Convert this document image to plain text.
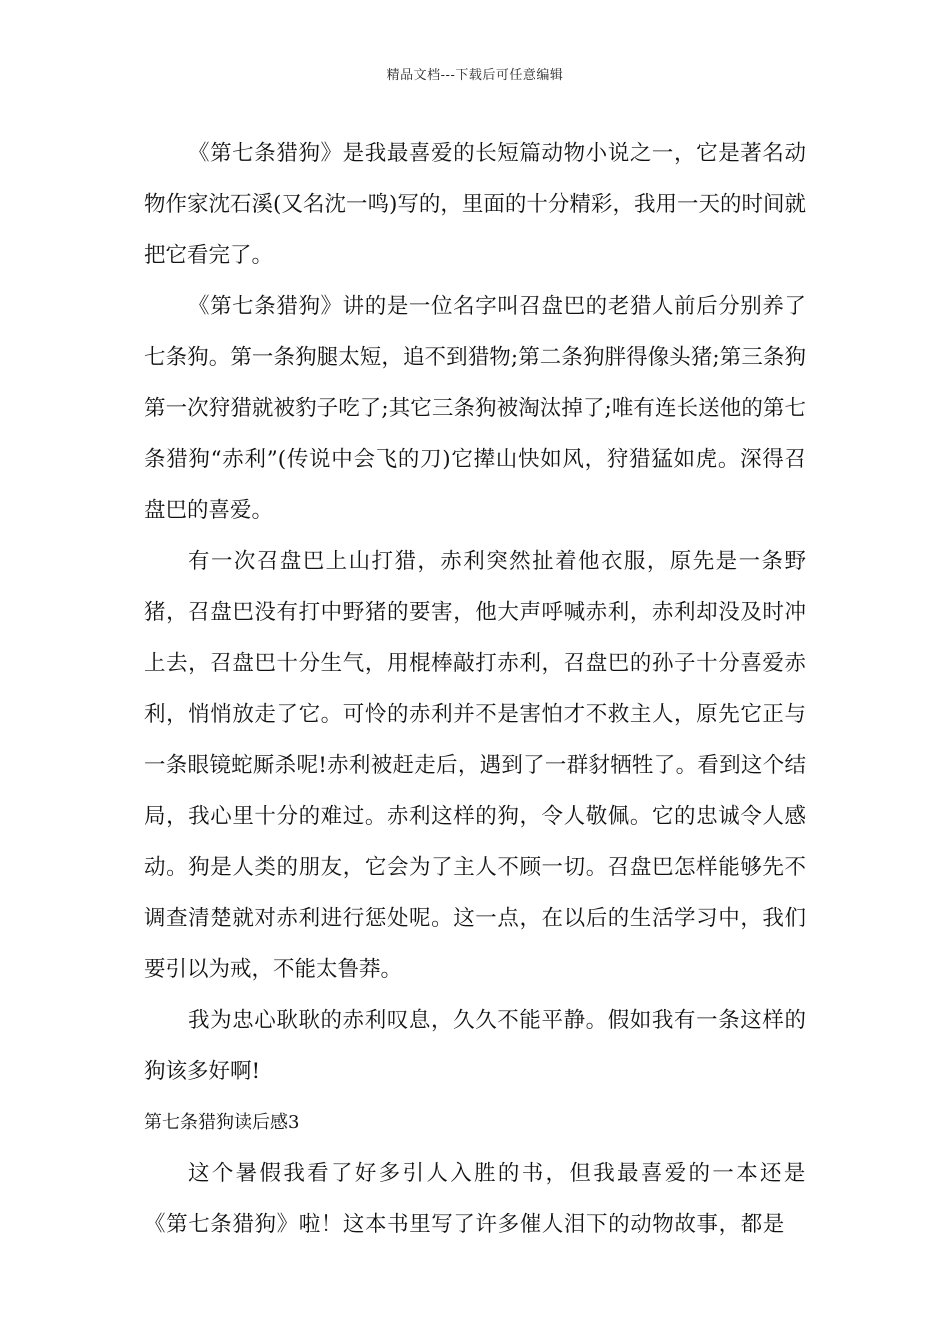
精品文档---下载后可任意编辑

《第七条猎狗》是我最喜爱的长短篇动物小说之一，它是著名动物作家沈石溪(又名沈一鸣)写的，里面的十分精彩，我用一天的时间就把它看完了。

《第七条猎狗》讲的是一位名字叫召盘巴的老猎人前后分别养了七条狗。第一条狗腿太短，追不到猎物;第二条狗胖得像头猪;第三条狗第一次狩猎就被豹子吃了;其它三条狗被淘汰掉了;唯有连长送他的第七条猎狗“赤利”(传说中会飞的刀)它撵山快如风，狩猎猛如虎。深得召盘巴的喜爱。

有一次召盘巴上山打猎，赤利突然扯着他衣服，原先是一条野猪，召盘巴没有打中野猪的要害，他大声呼喊赤利，赤利却没及时冲上去，召盘巴十分生气，用棍棒敲打赤利，召盘巴的孙子十分喜爱赤利，悄悄放走了它。可怜的赤利并不是害怕才不救主人，原先它正与一条眼镜蛇厮杀呢!赤利被赶走后，遇到了一群豺牺牲了。看到这个结局，我心里十分的难过。赤利这样的狗，令人敬佩。它的忠诚令人感动。狗是人类的朋友，它会为了主人不顾一切。召盘巴怎样能够先不调查清楚就对赤利进行惩处呢。这一点，在以后的生活学习中，我们要引以为戒，不能太鲁莽。

我为忠心耿耿的赤利叹息，久久不能平静。假如我有一条这样的狗该多好啊!

第七条猎狗读后感3

这个暑假我看了好多引人入胜的书，但我最喜爱的一本还是《第七条猎狗》啦！这本书里写了许多催人泪下的动物故事，都是
